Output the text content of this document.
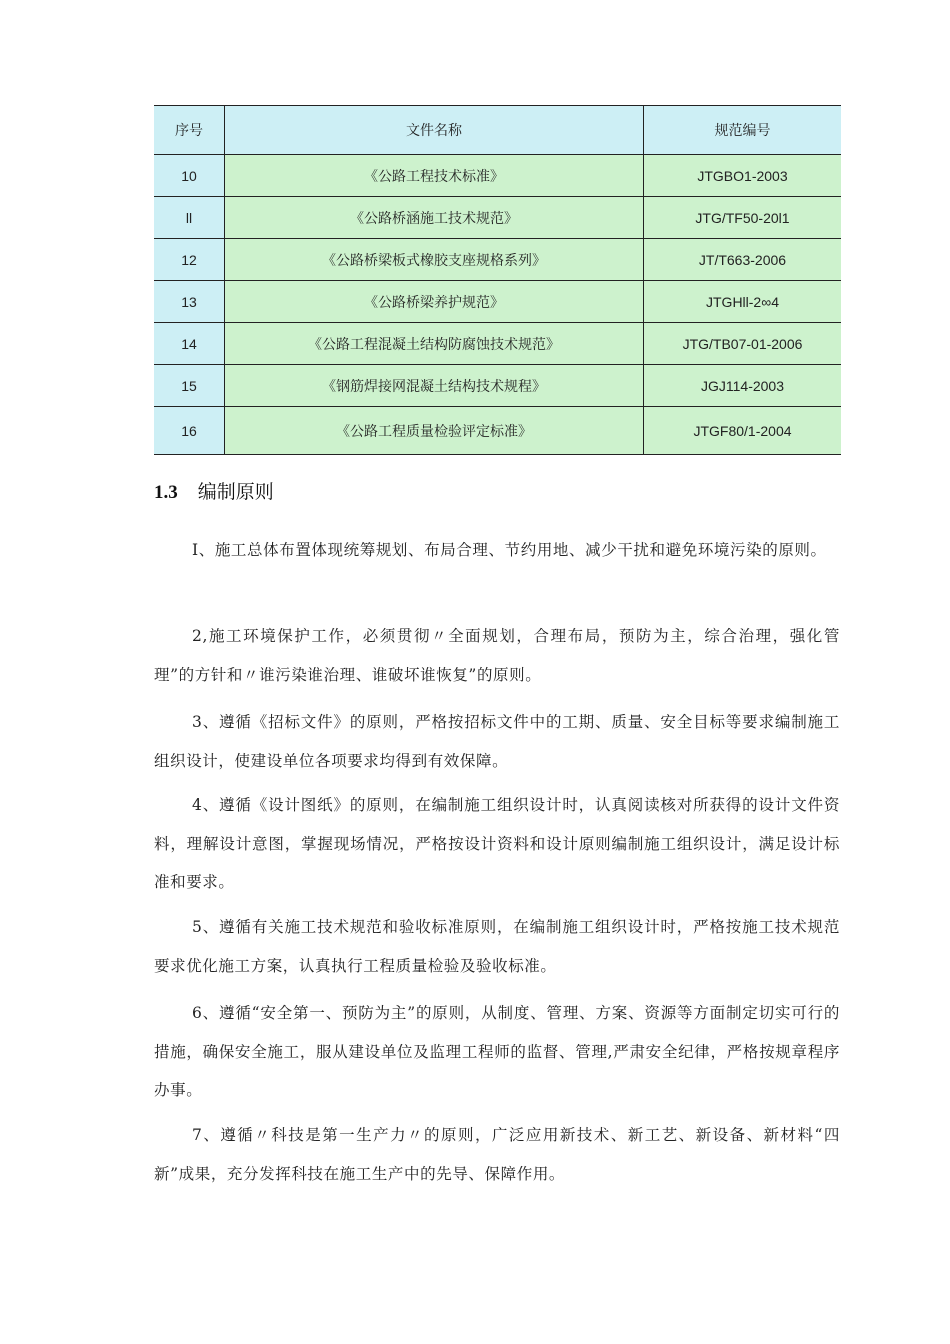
序号	文件名称	规范编号
10	《公路工程技术标准》	JTGBO1-2003
ll	《公路桥涵施工技术规范》	JTG/TF50-20l1
12	《公路桥梁板式橡胶支座规格系列》	JT/T663-2006
13	《公路桥梁养护规范》	JTGHll-2∞4
14	《公路工程混凝土结构防腐蚀技术规范》	JTG/TB07-01-2006
15	《钢筋焊接网混凝土结构技术规程》	JGJ114-2003
16	《公路工程质量检验评定标准》	JTGF80/1-2004
1.3 编制原则

I、施工总体布置体现统筹规划、布局合理、节约用地、减少干扰和避免环境污染的原则。

2,施工环境保护工作，必须贯彻〃全面规划，合理布局，预防为主，综合治理，强化管理”的方针和〃谁污染谁治理、谁破坏谁恢复”的原则。

3、遵循《招标文件》的原则，严格按招标文件中的工期、质量、安全目标等要求编制施工组织设计，使建设单位各项要求均得到有效保障。

4、遵循《设计图纸》的原则，在编制施工组织设计时，认真阅读核对所获得的设计文件资料，理解设计意图，掌握现场情况，严格按设计资料和设计原则编制施工组织设计，满足设计标准和要求。

5、遵循有关施工技术规范和验收标准原则，在编制施工组织设计时，严格按施工技术规范要求优化施工方案，认真执行工程质量检验及验收标准。

6、遵循“安全第一、预防为主”的原则，从制度、管理、方案、资源等方面制定切实可行的措施，确保安全施工，服从建设单位及监理工程师的监督、管理,严肃安全纪律，严格按规章程序办事。

7、遵循〃科技是第一生产力〃的原则，广泛应用新技术、新工艺、新设备、新材料“四新”成果，充分发挥科技在施工生产中的先导、保障作用。
